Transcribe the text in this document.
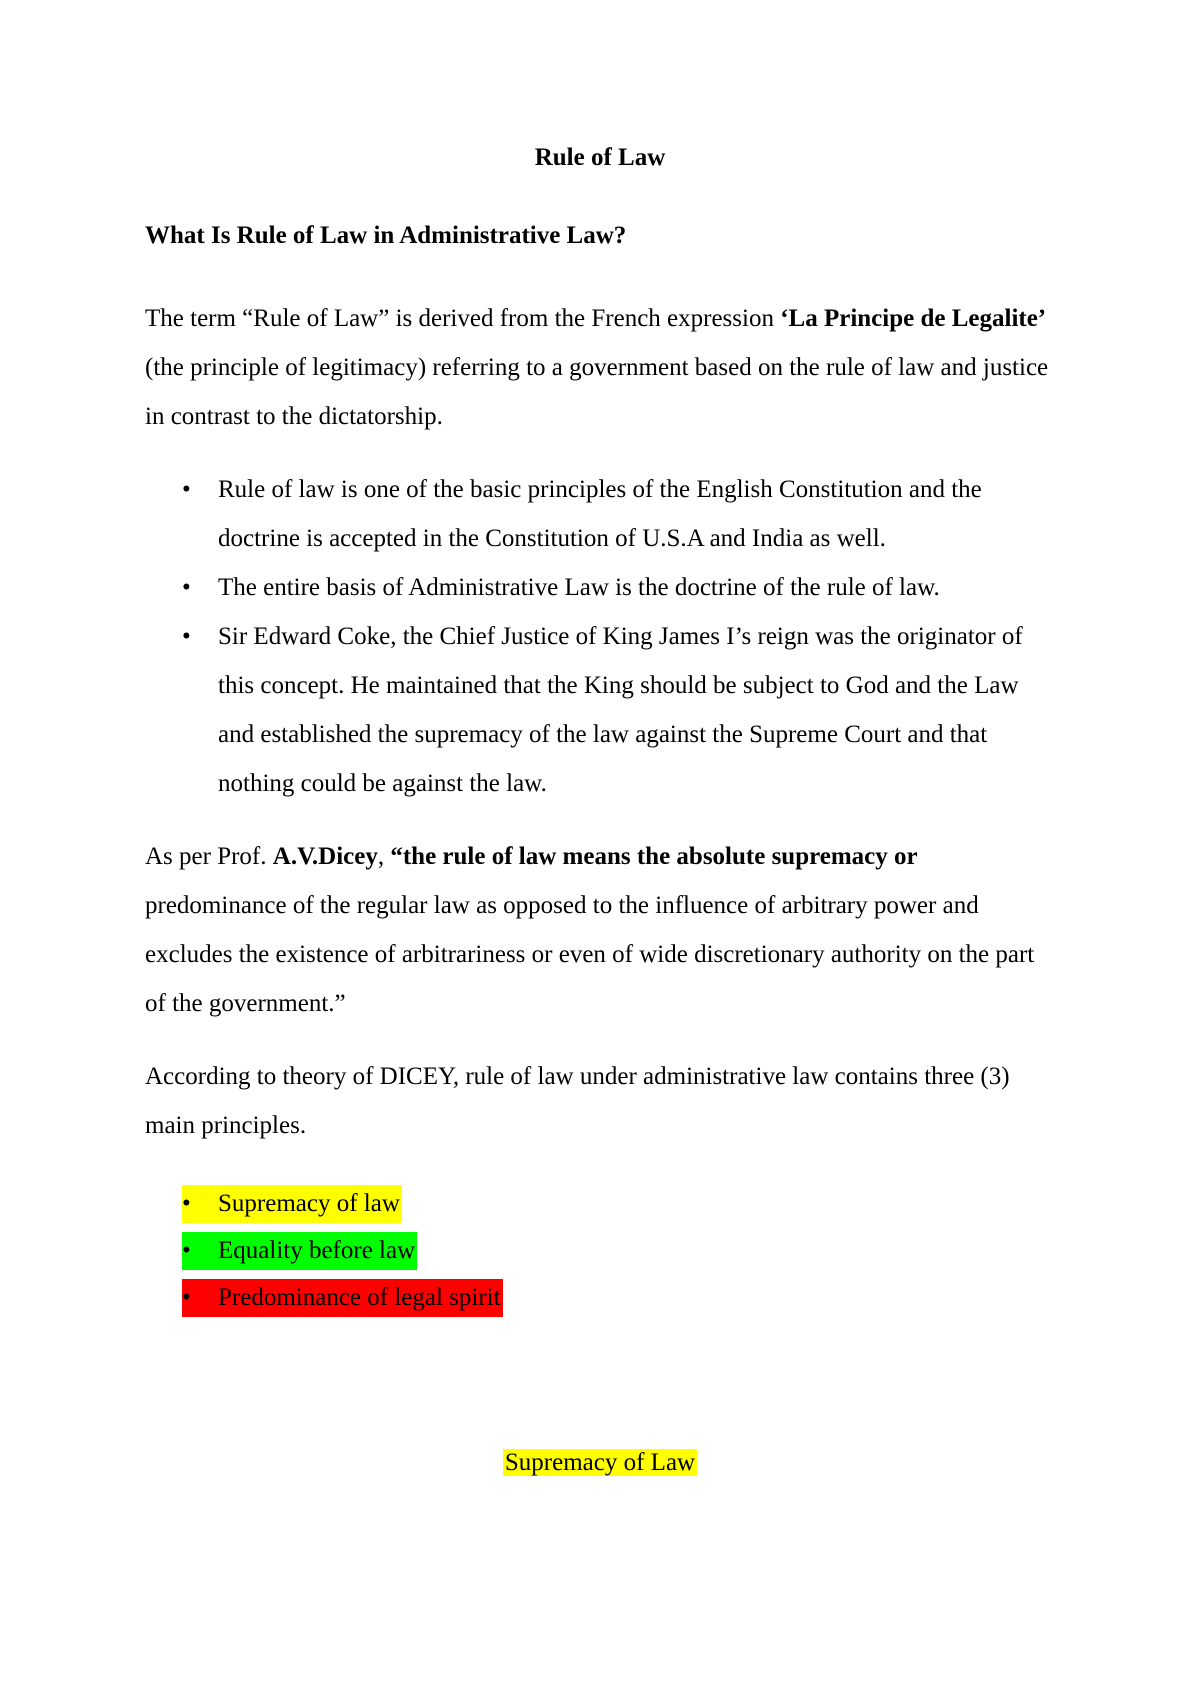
Rule of Law

What Is Rule of Law in Administrative Law?

The term “Rule of Law” is derived from the French expression ‘La Principe de Legalite’ (the principle of legitimacy) referring to a government based on the rule of law and justice in contrast to the dictatorship.

• Rule of law is one of the basic principles of the English Constitution and the doctrine is accepted in the Constitution of U.S.A and India as well.
• The entire basis of Administrative Law is the doctrine of the rule of law.
• Sir Edward Coke, the Chief Justice of King James I’s reign was the originator of this concept. He maintained that the King should be subject to God and the Law and established the supremacy of the law against the Supreme Court and that nothing could be against the law.

As per Prof. A.V.Dicey, “the rule of law means the absolute supremacy or predominance of the regular law as opposed to the influence of arbitrary power and excludes the existence of arbitrariness or even of wide discretionary authority on the part of the government.”

According to theory of DICEY, rule of law under administrative law contains three (3) main principles.

• Supremacy of law
• Equality before law
• Predominance of legal spirit
Supremacy of Law
